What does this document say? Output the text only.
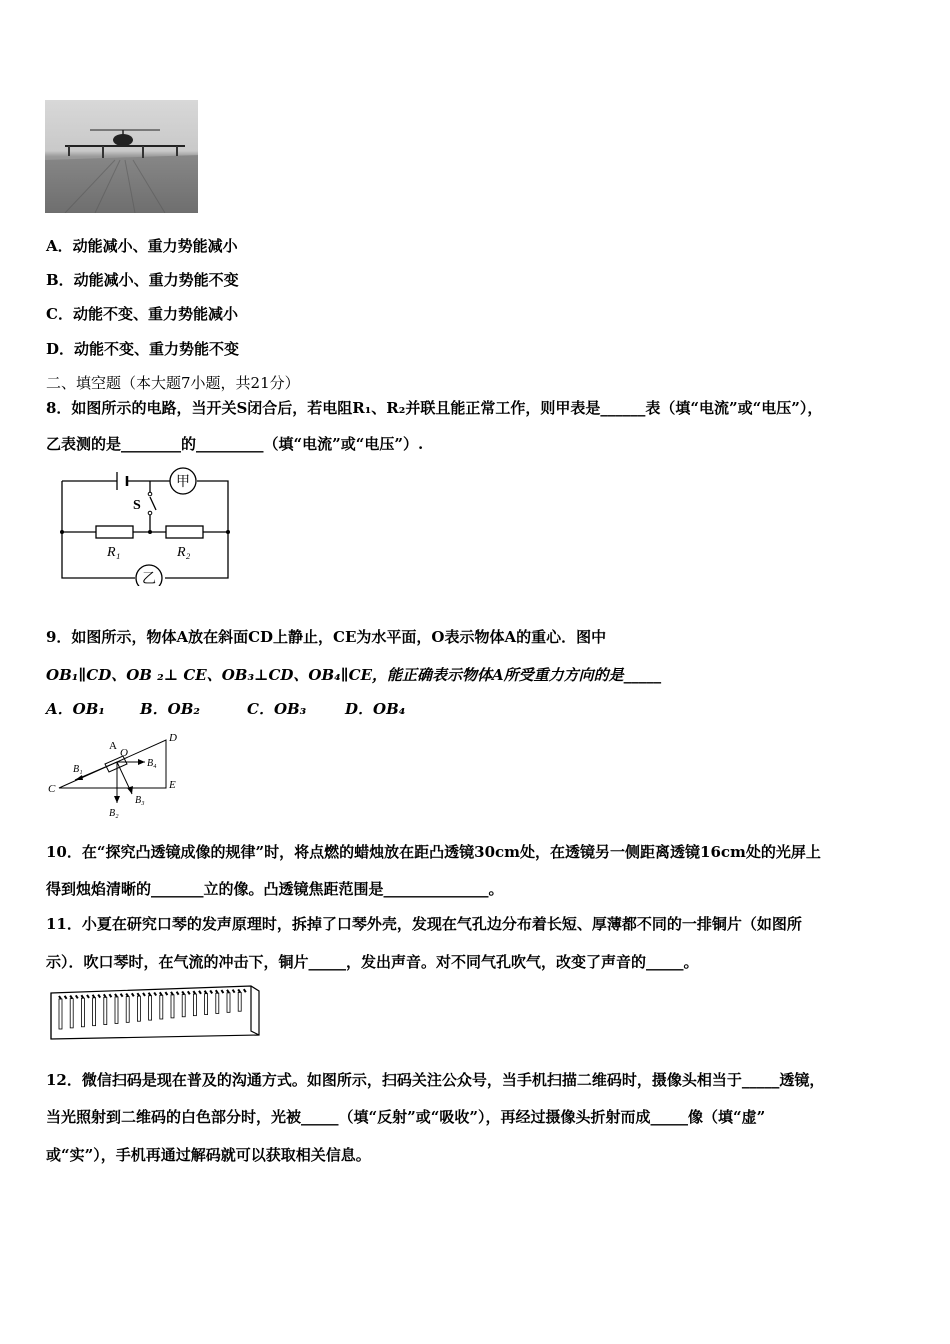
A．动能减小、重力势能减小
B．动能减小、重力势能不变
C．动能不变、重力势能减小
D．动能不变、重力势能不变
二、填空题（本大题7小题，共21分）
8．如图所示的电路，当开关S闭合后，若电阻R₁、R₂并联且能正常工作，则甲表是______表（填“电流”或“电压”），
乙表测的是________的_________（填“电流”或“电压”）.
甲
乙
S
R₁	R₂
9．如图所示，物体A放在斜面CD上静止，CE为水平面，O表示物体A的重心．图中
OB₁∥CD、OB ₂⊥ CE、OB₃⊥CD、OB₄∥CE，能正确表示物体A所受重力方向的是_____
A．OB₁ B．OB₂	C．OB₃	D．OB₄
A
O
C
D
E
B₁
B₄
B₂
B₃
10．在“探究凸透镜成像的规律”时，将点燃的蜡烛放在距凸透镜30cm处，在透镜另一侧距离透镜16cm处的光屏上
得到烛焰清晰的_______立的像。凸透镜焦距范围是______________。
11．小夏在研究口琴的发声原理时，拆掉了口琴外壳，发现在气孔边分布着长短、厚薄都不同的一排铜片（如图所
示）．吹口琴时，在气流的冲击下，铜片_____，发出声音。对不同气孔吹气，改变了声音的_____。
12．微信扫码是现在普及的沟通方式。如图所示，扫码关注公众号，当手机扫描二维码时，摄像头相当于_____透镜，
当光照射到二维码的白色部分时，光被_____（填“反射”或“吸收”），再经过摄像头折射而成_____像（填“虚”
或“实”），手机再通过解码就可以获取相关信息。
